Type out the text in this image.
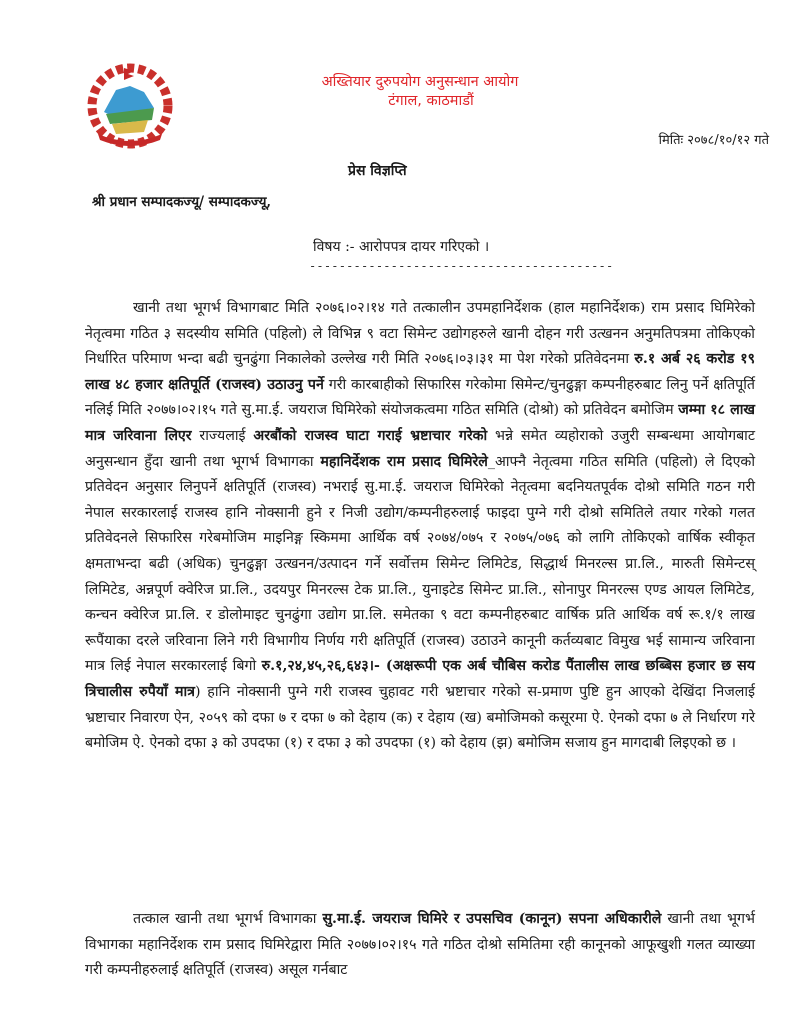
अख्तियार दुरुपयोग अनुसन्धान आयोग
टंगाल, काठमाडौं
मितिः २०७८/१०/१२ गते
प्रेस विज्ञप्ति
श्री प्रधान सम्पादकज्यू/ सम्पादकज्यू,
विषय :- आरोपपत्र दायर गरिएको ।
-----------------------------------------

खानी तथा भूगर्भ विभागबाट मिति २०७६।०२।१४ गते तत्कालीन उपमहानिर्देशक (हाल महानिर्देशक) राम प्रसाद घिमिरेको नेतृत्वमा गठित ३ सदस्यीय समिति (पहिलो) ले विभिन्न ९ वटा सिमेन्ट उद्योगहरुले खानी दोहन गरी उत्खनन अनुमतिपत्रमा तोकिएको निर्धारित परिमाण भन्दा बढी चुनढुंगा निकालेको उल्लेख गरी मिति २०७६।०३।३१ मा पेश गरेको प्रतिवेदनमा रु.१ अर्ब २६ करोड १९ लाख ४८ हजार क्षतिपूर्ति (राजस्व) उठाउनु पर्ने गरी कारबाहीको सिफारिस गरेकोमा सिमेन्ट/चुनढुङ्गा कम्पनीहरुबाट लिनु पर्ने क्षतिपूर्ति नलिई मिति २०७७।०२।१५ गते सु.मा.ई. जयराज घिमिरेको संयोजकत्वमा गठित समिति (दोश्रो) को प्रतिवेदन बमोजिम जम्मा १८ लाख मात्र जरिवाना लिएर राज्यलाई अरबौंको राजस्व घाटा गराई भ्रष्टाचार गरेको भन्ने समेत व्यहोराको उजुरी सम्बन्धमा आयोगबाट अनुसन्धान हुँदा खानी तथा भूगर्भ विभागका महानिर्देशक राम प्रसाद घिमिरेले_आफ्नै नेतृत्वमा गठित समिति (पहिलो) ले दिएको प्रतिवेदन अनुसार लिनुपर्ने क्षतिपूर्ति (राजस्व) नभराई सु.मा.ई. जयराज घिमिरेको नेतृत्वमा बदनियतपूर्वक दोश्रो समिति गठन गरी नेपाल सरकारलाई राजस्व हानि नोक्सानी हुने र निजी उद्योग/कम्पनीहरुलाई फाइदा पुग्ने गरी दोश्रो समितिले तयार गरेको गलत प्रतिवेदनले सिफारिस गरेबमोजिम माइनिङ्ग स्किममा आर्थिक वर्ष २०७४/०७५ र २०७५/०७६ को लागि तोकिएको वार्षिक स्वीकृत क्षमताभन्दा बढी (अधिक) चुनढुङ्गा उत्खनन/उत्पादन गर्ने सर्वोत्तम सिमेन्ट लिमिटेड, सिद्धार्थ मिनरल्स प्रा.लि., मारुती सिमेन्टस् लिमिटेड, अन्नपूर्ण क्वेरिज प्रा.लि., उदयपुर मिनरल्स टेक प्रा.लि., युनाइटेड सिमेन्ट प्रा.लि., सोनापुर मिनरल्स एण्ड आयल लिमिटेड, कन्चन क्वेरिज प्रा.लि. र डोलोमाइट चुनढुंगा उद्योग प्रा.लि. समेतका ९ वटा कम्पनीहरुबाट वार्षिक प्रति आर्थिक वर्ष रू.१/१ लाख रूपैंयाका दरले जरिवाना लिने गरी विभागीय निर्णय गरी क्षतिपूर्ति (राजस्व) उठाउने कानूनी कर्तव्यबाट विमुख भई सामान्य जरिवाना मात्र लिई नेपाल सरकारलाई बिगो रु.१,२४,४५,२६,६४३।- (अक्षरूपी एक अर्ब चौबिस करोड पैंतालीस लाख छब्बिस हजार छ सय त्रिचालीस रुपैयाँ मात्र) हानि नोक्सानी पुग्ने गरी राजस्व चुहावट गरी भ्रष्टाचार गरेको स-प्रमाण पुष्टि हुन आएको देखिंदा निजलाई भ्रष्टाचार निवारण ऐन, २०५९ को दफा ७ र दफा ७ को देहाय (क) र देहाय (ख) बमोजिमको कसूरमा ऐ. ऐनको दफा ७ ले निर्धारण गरे बमोजिम ऐ. ऐनको दफा ३ को उपदफा (१) र दफा ३ को उपदफा (१) को देहाय (झ) बमोजिम सजाय हुन मागदाबी लिइएको छ ।

तत्काल खानी तथा भूगर्भ विभागका सु.मा.ई. जयराज घिमिरे र उपसचिव (कानून) सपना अधिकारीले खानी तथा भूगर्भ विभागका महानिर्देशक राम प्रसाद घिमिरेद्वारा मिति २०७७।०२।१५ गते गठित दोश्रो समितिमा रही कानूनको आफूखुशी गलत व्याख्या गरी कम्पनीहरुलाई क्षतिपूर्ति (राजस्व) असूल गर्नबाट
